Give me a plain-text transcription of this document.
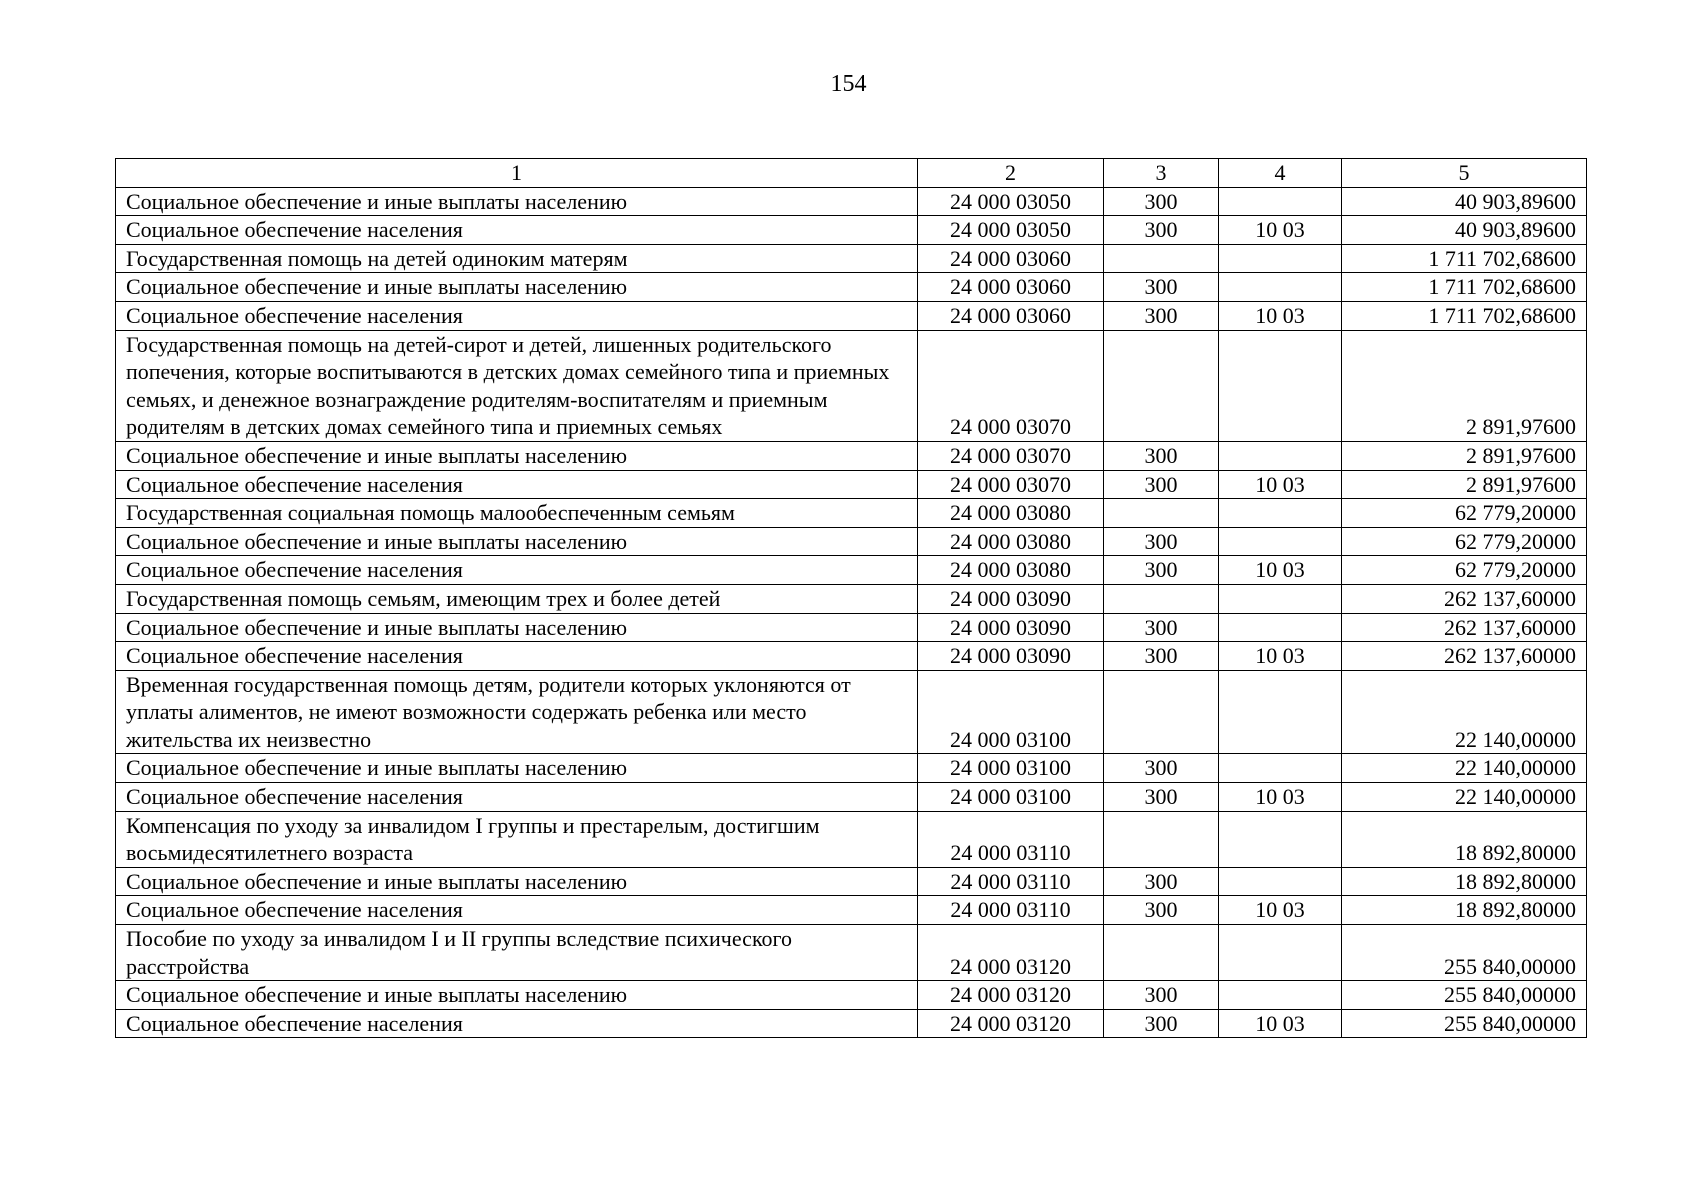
154
1	2	3	4	5
Социальное обеспечение и иные выплаты населению	24 000 03050	300		40 903,89600
Социальное обеспечение населения	24 000 03050	300	10 03	40 903,89600
Государственная помощь на детей одиноким матерям	24 000 03060			1 711 702,68600
Социальное обеспечение и иные выплаты населению	24 000 03060	300		1 711 702,68600
Социальное обеспечение населения	24 000 03060	300	10 03	1 711 702,68600
Государственная помощь на детей-сирот и детей, лишенных родительского попечения, которые воспитываются в детских домах семейного типа и приемных семьях, и денежное вознаграждение родителям-воспитателям и приемным родителям в детских домах семейного типа и приемных семьях	24 000 03070			2 891,97600
Социальное обеспечение и иные выплаты населению	24 000 03070	300		2 891,97600
Социальное обеспечение населения	24 000 03070	300	10 03	2 891,97600
Государственная социальная помощь малообеспеченным семьям	24 000 03080			62 779,20000
Социальное обеспечение и иные выплаты населению	24 000 03080	300		62 779,20000
Социальное обеспечение населения	24 000 03080	300	10 03	62 779,20000
Государственная помощь семьям, имеющим трех и более детей	24 000 03090			262 137,60000
Социальное обеспечение и иные выплаты населению	24 000 03090	300		262 137,60000
Социальное обеспечение населения	24 000 03090	300	10 03	262 137,60000
Временная государственная помощь детям, родители которых уклоняются от уплаты алиментов, не имеют возможности содержать ребенка или место жительства их неизвестно	24 000 03100			22 140,00000
Социальное обеспечение и иные выплаты населению	24 000 03100	300		22 140,00000
Социальное обеспечение населения	24 000 03100	300	10 03	22 140,00000
Компенсация по уходу за инвалидом I группы и престарелым, достигшим восьмидесятилетнего возраста	24 000 03110			18 892,80000
Социальное обеспечение и иные выплаты населению	24 000 03110	300		18 892,80000
Социальное обеспечение населения	24 000 03110	300	10 03	18 892,80000
Пособие по уходу за инвалидом I и II группы вследствие психического расстройства	24 000 03120			255 840,00000
Социальное обеспечение и иные выплаты населению	24 000 03120	300		255 840,00000
Социальное обеспечение населения	24 000 03120	300	10 03	255 840,00000
